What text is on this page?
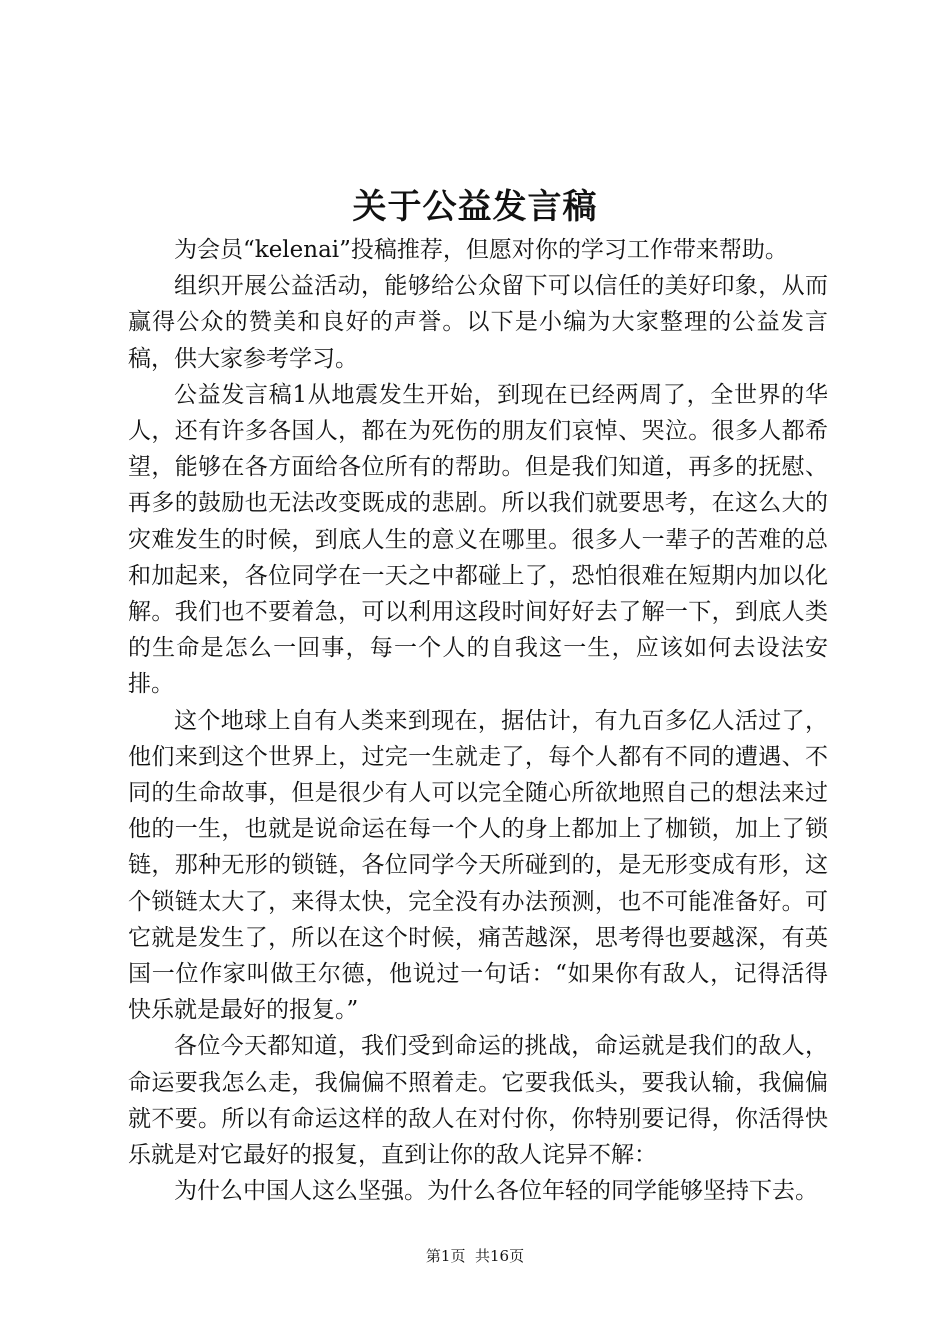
关于公益发言稿

为会员“kelenai”投稿推荐，但愿对你的学习工作带来帮助。

组织开展公益活动，能够给公众留下可以信任的美好印象，从而赢得公众的赞美和良好的声誉。以下是小编为大家整理的公益发言稿，供大家参考学习。

公益发言稿1从地震发生开始，到现在已经两周了，全世界的华人，还有许多各国人，都在为死伤的朋友们哀悼、哭泣。很多人都希望，能够在各方面给各位所有的帮助。但是我们知道，再多的抚慰、再多的鼓励也无法改变既成的悲剧。所以我们就要思考，在这么大的灾难发生的时候，到底人生的意义在哪里。很多人一辈子的苦难的总和加起来，各位同学在一天之中都碰上了，恐怕很难在短期内加以化解。我们也不要着急，可以利用这段时间好好去了解一下，到底人类的生命是怎么一回事，每一个人的自我这一生，应该如何去设法安排。

这个地球上自有人类来到现在，据估计，有九百多亿人活过了，他们来到这个世界上，过完一生就走了，每个人都有不同的遭遇、不同的生命故事，但是很少有人可以完全随心所欲地照自己的想法来过他的一生，也就是说命运在每一个人的身上都加上了枷锁，加上了锁链，那种无形的锁链，各位同学今天所碰到的，是无形变成有形，这个锁链太大了，来得太快，完全没有办法预测，也不可能准备好。可它就是发生了，所以在这个时候，痛苦越深，思考得也要越深，有英国一位作家叫做王尔德，他说过一句话：“如果你有敌人，记得活得快乐就是最好的报复。”

各位今天都知道，我们受到命运的挑战，命运就是我们的敌人，命运要我怎么走，我偏偏不照着走。它要我低头，要我认输，我偏偏就不要。所以有命运这样的敌人在对付你，你特别要记得，你活得快乐就是对它最好的报复，直到让你的敌人诧异不解：

为什么中国人这么坚强。为什么各位年轻的同学能够坚持下去。

第1页  共16页
